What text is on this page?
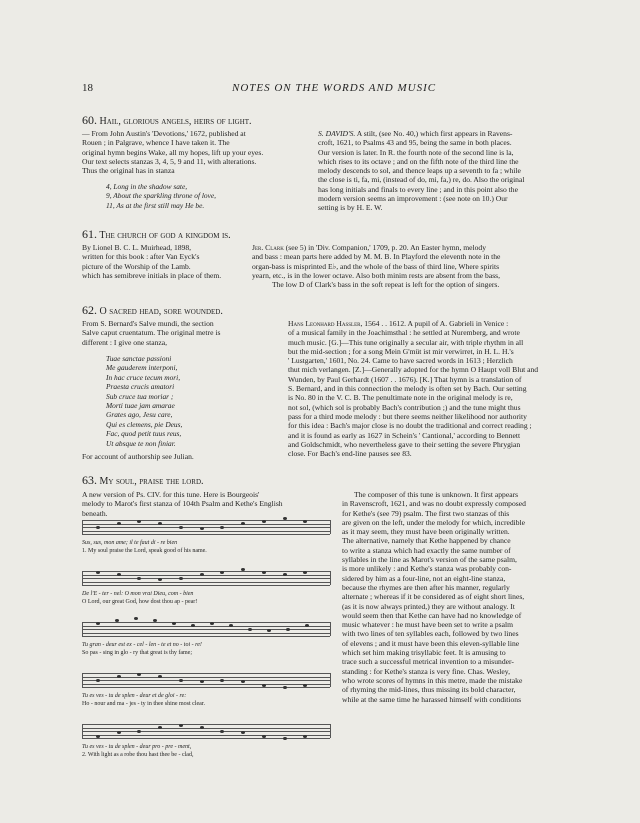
18	NOTES ON THE WORDS AND MUSIC
60. Hail, glorious angels, heirs of light.
— From John Austin's 'Devotions,' 1672, published at
Rouen ; in Palgrave, whence I have taken it. The
original hymn begins Wake, all my hopes, lift up your eyes.
Our text selects stanzas 3, 4, 5, 9 and 11, with alterations.
Thus the original has in stanza
4, Long in the shadow sate,
9, About the sparkling throne of love,
11, As at the first still may He be.
S. DAVID'S. A stilt, (see No. 40,) which first appears in Ravens-
croft, 1621, to Psalms 43 and 95, being the same in both places.
Our version is later. In R. the fourth note of the second line is la,
which rises to its octave ; and on the fifth note of the third line the
melody descends to sol, and thence leaps up a seventh to fa ; while
the close is ti, fa, mi, (instead of do, mi, fa,) re, do. Also the original
has long initials and finals to every line ; and in this point also the
modern version seems an improvement : (see note on 10.) Our
setting is by H. E. W.
61. The church of god a kingdom is.
By Lionel B. C. L. Muirhead, 1898,
written for this book : after Van Eyck's
picture of the Worship of the Lamb.
which has semibreve initials in place of them.
Jer. Clark (see 5) in 'Div. Companion,' 1709, p. 20. An Easter hymn, melody
and bass : mean parts here added by M. M. B. In Playford the eleventh note in the
organ-bass is misprinted E♭, and the whole of the bass of third line, Where spirits
yearn, etc., is in the lower octave. Also both minim rests are absent from the bass,
The low D of Clark's bass in the soft repeat is left for the option of singers.
62. O sacred head, sore wounded.
From S. Bernard's Salve mundi, the section
Salve caput cruentatum. The original metre is
different : I give one stanza,
Tuae sanctae passioni
Me gauderem interponi,
In hac cruce tecum mori,
Praesta crucis amatori
Sub cruce tua moriar ;
Morti tuae jam amarae
Grates ago, Jesu care,
Qui es clemens, pie Deus,
Fac, quod petit tuus reus,
Ut absque te non finiar.
For account of authorship see Julian.
Hans Leonhard Hassler, 1564 . . 1612. A pupil of A. Gabrieli in Venice :
of a musical family in the Joachimsthal : he settled at Nuremberg, and wrote
much music. [G.]—This tune originally a secular air, with triple rhythm in all
but the mid-section ; for a song Mein G'müt ist mir verwirret, in H. L. H.'s
' Lustgarten,' 1601, No. 24. Came to have sacred words in 1613 ; Herzlich
thut mich verlangen. [Z.]—Generally adopted for the hymn O Haupt voll Blut and
Wunden, by Paul Gerhardt (1607 . . 1676). [K.] That hymn is a translation of
S. Bernard, and in this connection the melody is often set by Bach. Our setting
is No. 80 in the V. C. B. The penultimate note in the original melody is re,
not sol, (which sol is probably Bach's contribution ;) and the tune might thus
pass for a third mode melody : but there seems neither likelihood nor authority
for this idea : Bach's major close is no doubt the traditional and correct reading ;
and it is found as early as 1627 in Schein's ' Cantional,' according to Bennett
and Goldschmidt, who nevertheless gave to their setting the severe Phrygian
close. For Bach's end-line pauses see 83.
63. My soul, praise the lord.
A new version of Ps. CIV. for this tune. Here is Bourgeois'
melody to Marot's first stanza of 104th Psalm and Kethe's English
beneath.
Sus, sus, mon ame; il te faut di - re bien
1. My soul praise the Lord, speak good of his name.
De l'E - ter - nel: O mon vrai Dieu, com - bien
O Lord, our great God, how dost thou ap - pear!
Tu gran - deur est ex - cel - len - te et no - toi - re!
So pas - sing in glo - ry that great is thy fame;
Tu es ves - tu de splen - deur et de gloi - re:
Ho - nour and ma - jes - ty in thee shine most clear.
Tu es ves - tu de splen - deur pro - pre - ment,
2. With light as a robe thou hast thee be - clad,
The composer of this tune is unknown. It first appears
in Ravenscroft, 1621, and was no doubt expressly composed
for Kethe's (see 79) psalm. The first two stanzas of this
are given on the left, under the melody for which, incredible
as it may seem, they must have been originally written.
The alternative, namely that Kethe happened by chance
to write a stanza which had exactly the same number of
syllables in the line as Marot's version of the same psalm,
is more unlikely : and Kethe's stanza was probably con-
sidered by him as a four-line, not an eight-line stanza,
because the rhymes are then after his manner, regularly
alternate ; whereas if it be considered as of eight short lines,
(as it is now always printed,) they are without analogy. It
would seem then that Kethe can have had no knowledge of
music whatever : he must have been set to write a psalm
with two lines of ten syllables each, followed by two lines
of elevens ; and it must have been this eleven-syllable line
which set him making trisyllabic feet. It is amusing to
trace such a successful metrical invention to a misunder-
standing : for Kethe's stanza is very fine. Chas. Wesley,
who wrote scores of hymns in this metre, made the mistake
of rhyming the mid-lines, thus missing its bold character,
while at the same time he harassed himself with conditions
